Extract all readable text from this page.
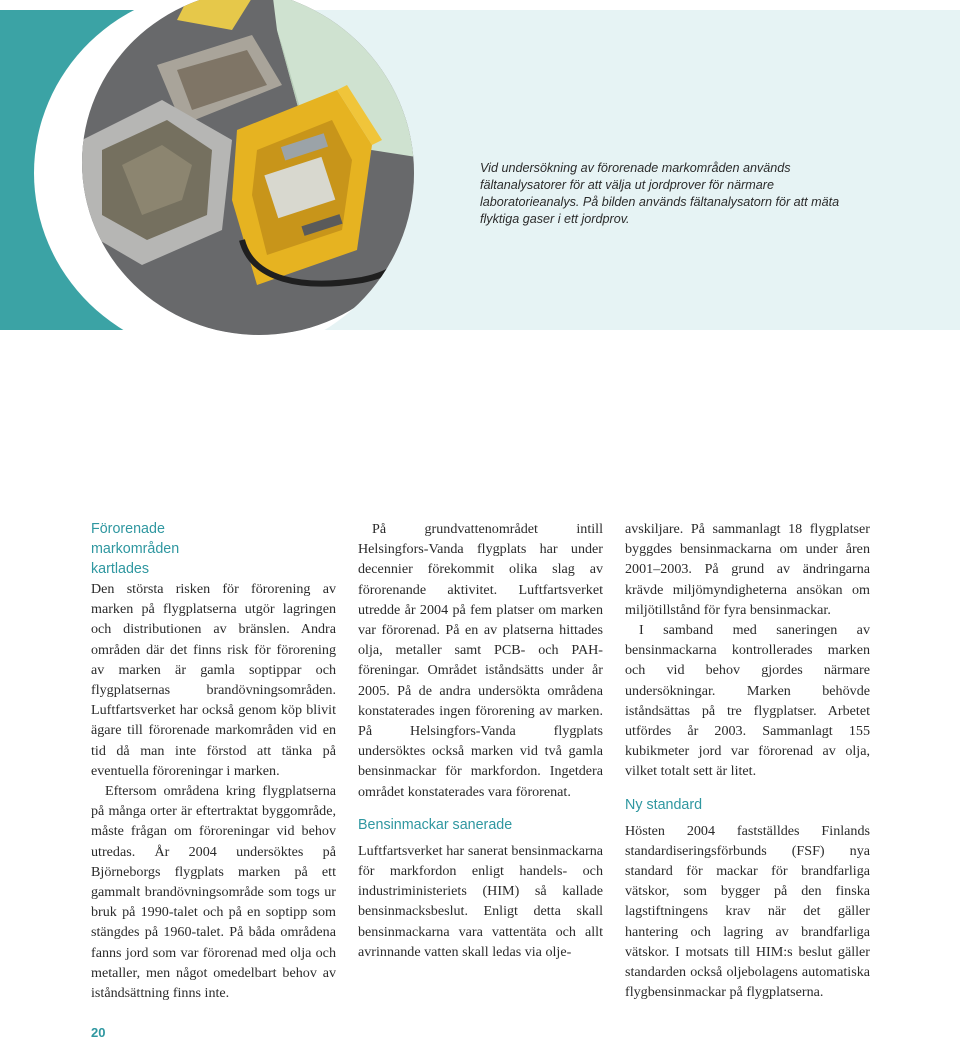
Vid undersökning av förorenade markområden används fältanalysatorer för att välja ut jordprover för närmare laboratorieanalys. På bilden används fältanalysatorn för att mäta flyktiga gaser i ett jordprov.

Förorenade markområden kartlades

Den största risken för förorening av marken på flygplatserna utgör lagringen och distributionen av bränslen. Andra områden där det finns risk för förorening av marken är gamla soptippar och flygplatsernas brandövningsområden. Luftfartsverket har också genom köp blivit ägare till förorenade markområden vid en tid då man inte förstod att tänka på eventuella föroreningar i marken.

Eftersom områdena kring flygplatserna på många orter är eftertraktat byggområde, måste frågan om föroreningar vid behov utredas. År 2004 undersöktes på Björneborgs flygplats marken på ett gammalt brandövningsområde som togs ur bruk på 1990-talet och på en soptipp som stängdes på 1960-talet. På båda områdena fanns jord som var förorenad med olja och metaller, men något omedelbart behov av iståndsättning finns inte.

På grundvattenområdet intill Helsingfors-Vanda flygplats har under decennier förekommit olika slag av förorenande aktivitet. Luftfartsverket utredde år 2004 på fem platser om marken var förorenad. På en av platserna hittades olja, metaller samt PCB- och PAH-föreningar. Området iståndsätts under år 2005. På de andra undersökta områdena konstaterades ingen förorening av marken. På Helsingfors-Vanda flygplats undersöktes också marken vid två gamla bensinmackar för markfordon. Ingetdera området konstaterades vara förorenat.

Bensinmackar sanerade

Luftfartsverket har sanerat bensinmackarna för markfordon enligt handels- och industriministeriets (HIM) så kallade bensinmacksbeslut. Enligt detta skall bensinmackarna vara vattentäta och allt avrinnande vatten skall ledas via olje-

avskiljare. På sammanlagt 18 flygplatser byggdes bensinmackarna om under åren 2001–2003. På grund av ändringarna krävde miljömyndigheterna ansökan om miljötillstånd för fyra bensinmackar.

I samband med saneringen av bensinmackarna kontrollerades marken och vid behov gjordes närmare undersökningar. Marken behövde iståndsättas på tre flygplatser. Arbetet utfördes år 2003. Sammanlagt 155 kubikmeter jord var förorenad av olja, vilket totalt sett är litet.

Ny standard

Hösten 2004 fastställdes Finlands standardiseringsförbunds (FSF) nya standard för mackar för brandfarliga vätskor, som bygger på den finska lagstiftningens krav när det gäller hantering och lagring av brandfarliga vätskor. I motsats till HIM:s beslut gäller standarden också oljebolagens automatiska flygbensinmackar på flygplatserna.

20
